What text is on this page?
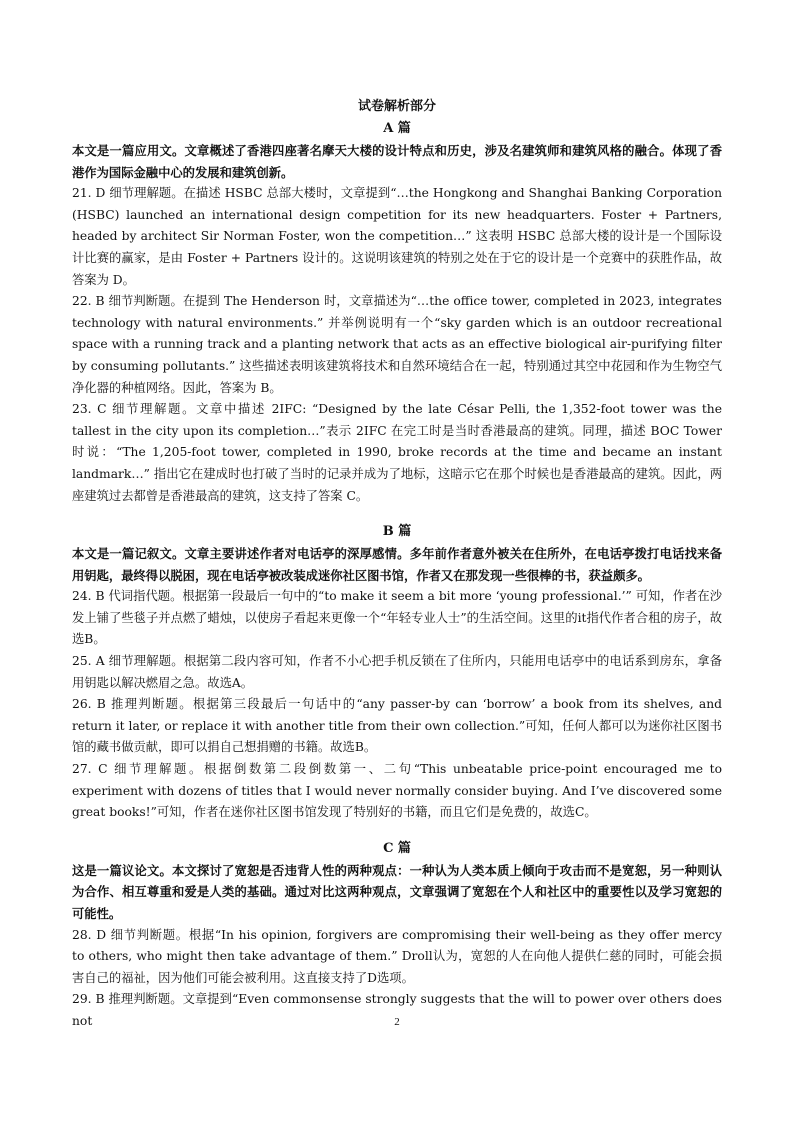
试卷解析部分

A 篇

本文是一篇应用文。文章概述了香港四座著名摩天大楼的设计特点和历史，涉及名建筑师和建筑风格的融合。体现了香港作为国际金融中心的发展和建筑创新。

21. D 细节理解题。在描述 HSBC 总部大楼时，文章提到“…the Hongkong and Shanghai Banking Corporation (HSBC) launched an international design competition for its new headquarters. Foster + Partners, headed by architect Sir Norman Foster, won the competition…” 这表明 HSBC 总部大楼的设计是一个国际设计比赛的赢家，是由 Foster + Partners 设计的。这说明该建筑的特别之处在于它的设计是一个竞赛中的获胜作品，故答案为 D。

22. B 细节判断题。在提到 The Henderson 时，文章描述为“…the office tower, completed in 2023, integrates technology with natural environments.” 并举例说明有一个“sky garden which is an outdoor recreational space with a running track and a planting network that acts as an effective biological air-purifying filter by consuming pollutants.” 这些描述表明该建筑将技术和自然环境结合在一起，特别通过其空中花园和作为生物空气净化器的种植网络。因此，答案为 B。

23. C 细节理解题。文章中描述 2IFC: “Designed by the late César Pelli, the 1,352-foot tower was the tallest in the city upon its completion…”表示 2IFC 在完工时是当时香港最高的建筑。同理，描述 BOC Tower 时说：“The 1,205-foot tower, completed in 1990, broke records at the time and became an instant landmark…” 指出它在建成时也打破了当时的记录并成为了地标，这暗示它在那个时候也是香港最高的建筑。因此，两座建筑过去都曾是香港最高的建筑，这支持了答案 C。

B 篇

本文是一篇记叙文。文章主要讲述作者对电话亭的深厚感情。多年前作者意外被关在住所外，在电话亭拨打电话找来备用钥匙，最终得以脱困，现在电话亭被改装成迷你社区图书馆，作者又在那发现一些很棒的书，获益颇多。

24. B 代词指代题。根据第一段最后一句中的“to make it seem a bit more ‘young professional.’” 可知，作者在沙发上铺了些毯子并点燃了蜡烛，以使房子看起来更像一个“年轻专业人士”的生活空间。这里的it指代作者合租的房子，故选B。

25. A 细节理解题。根据第二段内容可知，作者不小心把手机反锁在了住所内，只能用电话亭中的电话系到房东，拿备用钥匙以解决燃眉之急。故选A。

26. B 推理判断题。根据第三段最后一句话中的“any passer-by can ‘borrow’ a book from its shelves, and return it later, or replace it with another title from their own collection.”可知，任何人都可以为迷你社区图书馆的藏书做贡献，即可以捐自己想捐赠的书籍。故选B。

27. C 细节理解题。根据倒数第二段倒数第一、二句“This unbeatable price-point encouraged me to experiment with dozens of titles that I would never normally consider buying. And I’ve discovered some great books!”可知，作者在迷你社区图书馆发现了特别好的书籍，而且它们是免费的，故选C。

C 篇

这是一篇议论文。本文探讨了宽恕是否违背人性的两种观点：一种认为人类本质上倾向于攻击而不是宽恕，另一种则认为合作、相互尊重和爱是人类的基础。通过对比这两种观点，文章强调了宽恕在个人和社区中的重要性以及学习宽恕的可能性。

28. D 细节判断题。根据“In his opinion, forgivers are compromising their well-being as they offer mercy to others, who might then take advantage of them.” Droll认为，宽恕的人在向他人提供仁慈的同时，可能会损害自己的福祉，因为他们可能会被利用。这直接支持了D选项。

29. B 推理判断题。文章提到“Even commonsense strongly suggests that the will to power over others does not	2
